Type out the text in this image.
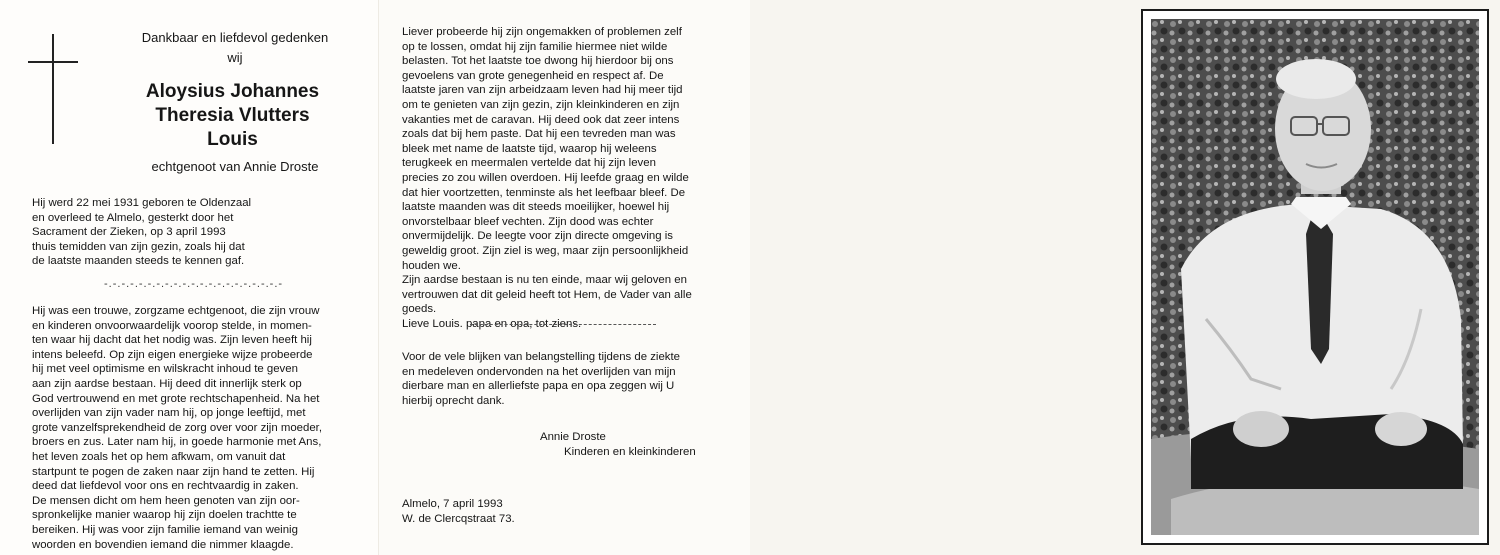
Dankbaar en liefdevol gedenken
wij
Aloysius Johannes
Theresia Vlutters
Louis
echtgenoot van Annie Droste
Hij werd 22 mei 1931 geboren te Oldenzaal
en overleed te Almelo, gesterkt door het
Sacrament der Zieken, op 3 april 1993
thuis temidden van zijn gezin, zoals hij dat
de laatste maanden steeds te kennen gaf.
-.-.-.-.-.-.-.-.-.-.-.-.-.-.-.-.-.-.-.-.-
Hij was een trouwe, zorgzame echtgenoot, die zijn vrouw
en kinderen onvoorwaardelijk voorop stelde, in momen-
ten waar hij dacht dat het nodig was. Zijn leven heeft hij
intens beleefd. Op zijn eigen energieke wijze probeerde
hij met veel optimisme en wilskracht inhoud te geven
aan zijn aardse bestaan. Hij deed dit innerlijk sterk op
God vertrouwend en met grote rechtschapenheid. Na het
overlijden van zijn vader nam hij, op jonge leeftijd, met
grote vanzelfsprekendheid de zorg over voor zijn moeder,
broers en zus. Later nam hij, in goede harmonie met Ans,
het leven zoals het op hem afkwam, om vanuit dat
startpunt te pogen de zaken naar zijn hand te zetten. Hij
deed dat liefdevol voor ons en rechtvaardig in zaken.
De mensen dicht om hem heen genoten van zijn oor-
spronkelijke manier waarop hij zijn doelen trachtte te
bereiken. Hij was voor zijn familie iemand van weinig
woorden en bovendien iemand die nimmer klaagde.
Liever probeerde hij zijn ongemakken of problemen zelf
op te lossen, omdat hij zijn familie hiermee niet wilde
belasten. Tot het laatste toe dwong hij hierdoor bij ons
gevoelens van grote genegenheid en respect af. De
laatste jaren van zijn arbeidzaam leven had hij meer tijd
om te genieten van zijn gezin, zijn kleinkinderen en zijn
vakanties met de caravan. Hij deed ook dat zeer intens
zoals dat bij hem paste. Dat hij een tevreden man was
bleek met name de laatste tijd, waarop hij weleens
terugkeek en meermalen vertelde dat hij zijn leven
precies zo zou willen overdoen. Hij leefde graag en wilde
dat hier voortzetten, tenminste als het leefbaar bleef. De
laatste maanden was dit steeds moeilijker, hoewel hij
onvorstelbaar bleef vechten. Zijn dood was echter
onvermijdelijk. De leegte voor zijn directe omgeving is
geweldig groot. Zijn ziel is weg, maar zijn persoonlijkheid
houden we.
Zijn aardse bestaan is nu ten einde, maar wij geloven en
vertrouwen dat dit geleid heeft tot Hem, de Vader van alle
goeds.
Lieve Louis. papa en opa, tot ziens.
Voor de vele blijken van belangstelling tijdens de ziekte
en medeleven ondervonden na het overlijden van mijn
dierbare man en allerliefste papa en opa zeggen wij U
hierbij oprecht dank.
Annie Droste
Kinderen en kleinkinderen
Almelo, 7 april 1993
W. de Clercqstraat 73.
